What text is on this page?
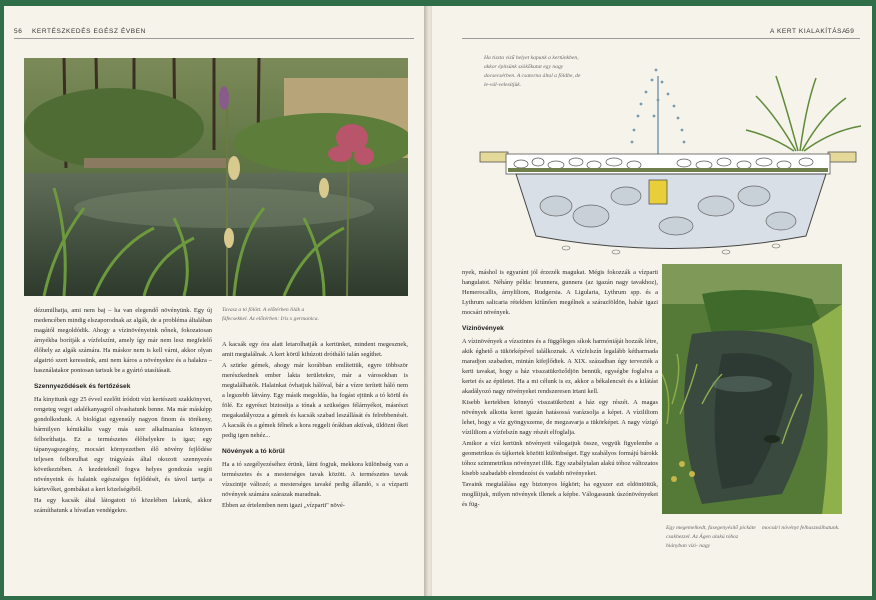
56 KERTÉSZKEDÉS EGÉSZ ÉVBEN

dézumilhatja, ami nem baj – ha van elegendő növényünk. Egy új medencében mindig elszaporodnak az algák, de a probléma általában magától megoldódik. Ahogy a vízinövényeink nőnek, fokozatosan árnyékba borítják a vízfelszínt, amely így már nem lesz megfelelő élőhely az algák számára. Ha máskor nem is kell várni, akkor olyan algairtó szert keressünk, ami nem káros a növényekre és a halakra – használatakor pontosan tartsuk be a gyártó utasításait.

Szennyeződések és fertőzések

Ha kinyitunk egy 25 évvel ezelőtt íródott vízi kertészeti szakkönyvet, rengeteg vegyi adalékanyagról olvashatunk benne. Ma már másképp gondolkodunk. A biológiai egyensúly nagyon finom és törékeny, bármilyen kémikália vagy más szer alkalmazása könnyen felboríthatja. Ez a természetes élőhelyekre is igaz; egy tápanyagszegény, mocsári környezetben élő növény fejlődése teljesen felborulhat egy trágyázás által okozott szennyezés következtében. A kezdeteknél fogva helyes gondozás segíti növényeink és halaink egészséges fejlődését, és távol tartja a kártevőket, gombákat a kert közelségéből.

Ha egy kacsák által látogatott tó közelében lakunk, akkor számíthatunk a hívatlan vendégekre.

Tavasz a tó fölött. A előtérben lilák a fáfecsekkel. Az előtérben: Iris x germanica.

A kacsák egy óra alatt letarolhatják a kertünket, mindent megesznek, amit megtalálnak. A kert körül kihúzott drótháló talán segíthet.

A szürke gémek, ahogy már korábban említettük, egyre többször merészkednek ember lakta területekre, már a városokban is megtalálhatók. Halainkat óvhatjuk hálóval, bár a vízre terített háló nem a legszebb látvány. Egy másik megoldás, ha fogást ejtünk a tó körül és fölé. Ez egyrészt biztosítja a tónak a szükséges félárnyékot, másrészt megakadályozza a gémek és kacsák szabad leszállását és felrebbenését. A kacsák és a gémek félnek a kora reggeli órákban aktívak, üldözni őket pedig igen nehéz...

Növények a tó körül

Ha a tó szegélyezéséhez érünk, látni fogjuk, mekkora különbség van a természetes és a mesterséges tavak között. A természetes tavak vízszintje változó; a mesterséges tavaké pedig állandó, s a vízparti növények számára szárazak maradnak.

Ebben az értelemben nem igazi „vízparti" növé-

A KERT KIALAKÍTÁSA
59
Ha tiszta vizű helyet kapunk a kertünkben, akkor építsünk szökőkutat egy nagy docsecsérben. A csatorna által a földbe, de le-vál-velesítjük.

nyek, máshol is egyaránt jól érzezék magukat. Mégis fokozzák a vízparti hangulatot. Néhány példa: brunnera, gunnera (az igazán nagy tavakhoz), Hemerocallis, árnyliliom, Rudgersia. A Ligularia, Lythrum spp. és a Lythrum salicaria rétekben kitűnően megélnek a szárazföldön, habár igazi mocsári növények.

Vízinövények

A vízinövények a vízszintes és a függőleges síkok harmóniáját hozzák létre, akik éghető a tükörképével találkoznak. A vízfelszín legalább kétharmada maradjon szabadon, mintán kifejlődtek. A XIX. században úgy tervezték a kerti tavakat, hogy a ház visszatükröződjön bennük, egységbe foglalva a kertet és az épületet. Ha a mi célunk is ez, akkor a békalencsét és a kilátást akadályozó nagy növényeket rendszeresen irtani kell.

Kisebb kertekben könnyű visszatükrözni a ház egy részét. A magas növények alkotta keret igazán hatásossá varázsolja a képet. A vízililiom lehet, hogy a víz gyöngyszeme, de megzavarja a tükörképet. A nagy vízigó vízililiom a vízfelszín nagy részét elfoglalja.

Amikor a vízi kertünk növényeit válogatjuk össze, vegyük figyelembe a geometrikus és tájkertek közötti különbséget. Egy szabályos formájú bárokk tóhoz szimmetrikus növényzet illik. Egy szabálytalan alakú tóhoz változatos kisebb szabadabb elrendezést és vadabb növényeket.

Tavaink megtalálása egy biztonyos légkört; ha egyszer ezt eldöntöttük, mogllítjuk, milyen növények illenek a képbe. Válogassunk úszónövényeket és füg-

Egy megemelkedt, fasegenyésítő pickáte csakhezzel. Az Ágen alakú tóhoz hiányban vízi- nagy
mocsári növényt felhasználhatunk.
